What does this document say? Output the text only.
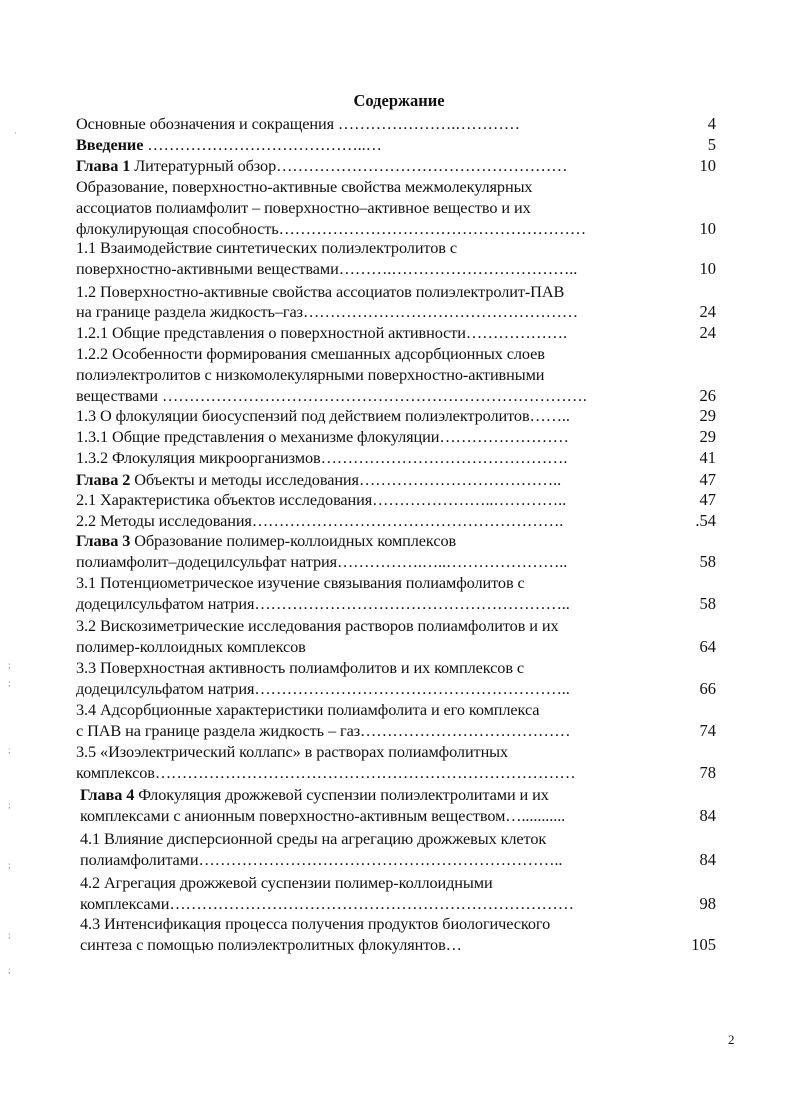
Содержание
Основные обозначения и сокращения ………………….…………	4
Введение …………………………………..…	5
Глава 1 Литературный обзор………………………………………………	10
Образование, поверхностно-активные свойства межмолекулярных
ассоциатов полиамфолит – поверхностно–активное вещество и их
флокулирующая способность…………………………………………………	10
1.1 Взаимодействие синтетических полиэлектролитов с
поверхностно-активными веществами……….……………………………..	10
1.2 Поверхностно-активные свойства ассоциатов полиэлектролит-ПАВ
на границе раздела жидкость–газ……………………………………………	24
1.2.1 Общие представления о поверхностной активности……………….	24
1.2.2 Особенности формирования смешанных адсорбционных слоев
полиэлектролитов с низкомолекулярными поверхностно-активными
веществами …………………………………………………………………….	26
1.3 О флокуляции биосуспензий под действием полиэлектролитов……..	29
1.3.1 Общие представления о механизме флокуляции……………………	29
1.3.2 Флокуляция микроорганизмов……………………………………….	41
Глава 2 Объекты и методы исследования………………………………..	47
2.1 Характеристика объектов исследования…………………..…………..	47
2.2 Методы исследования………………………………………………….	.54
Глава 3 Образование полимер-коллоидных комплексов
полиамфолит–додецилсульфат натрия…………….…..…………………..	58
3.1 Потенциометрическое изучение связывания полиамфолитов с
додецилсульфатом натрия…………………………………………………..	58
3.2 Вискозиметрические исследования растворов полиамфолитов и их
полимер-коллоидных комплексов	64
3.3 Поверхностная активность полиамфолитов и их комплексов с
додецилсульфатом натрия…………………………………………………..	66
3.4 Адсорбционные характеристики полиамфолита и его комплекса
с ПАВ на границе раздела жидкость – газ…………………………………	74
3.5 «Изоэлектрический коллапс» в растворах полиамфолитных
комплексов……………………………………………………………………	78
Глава 4 Флокуляция дрожжевой суспензии полиэлектролитами и их
комплексами с анионным поверхностно-активным веществом…...........	84
4.1 Влияние дисперсионной среды на агрегацию дрожжевых клеток
полиамфолитами…………………………………………………………..	84
4.2 Агрегация дрожжевой суспензии полимер-коллоидными
комплексами…………………………………………………………………	98
4.3 Интенсификация процесса получения продуктов биологического
синтеза с помощью полиэлектролитных флокулянтов…	105
2
·
;
;
;
;
;
;
;
